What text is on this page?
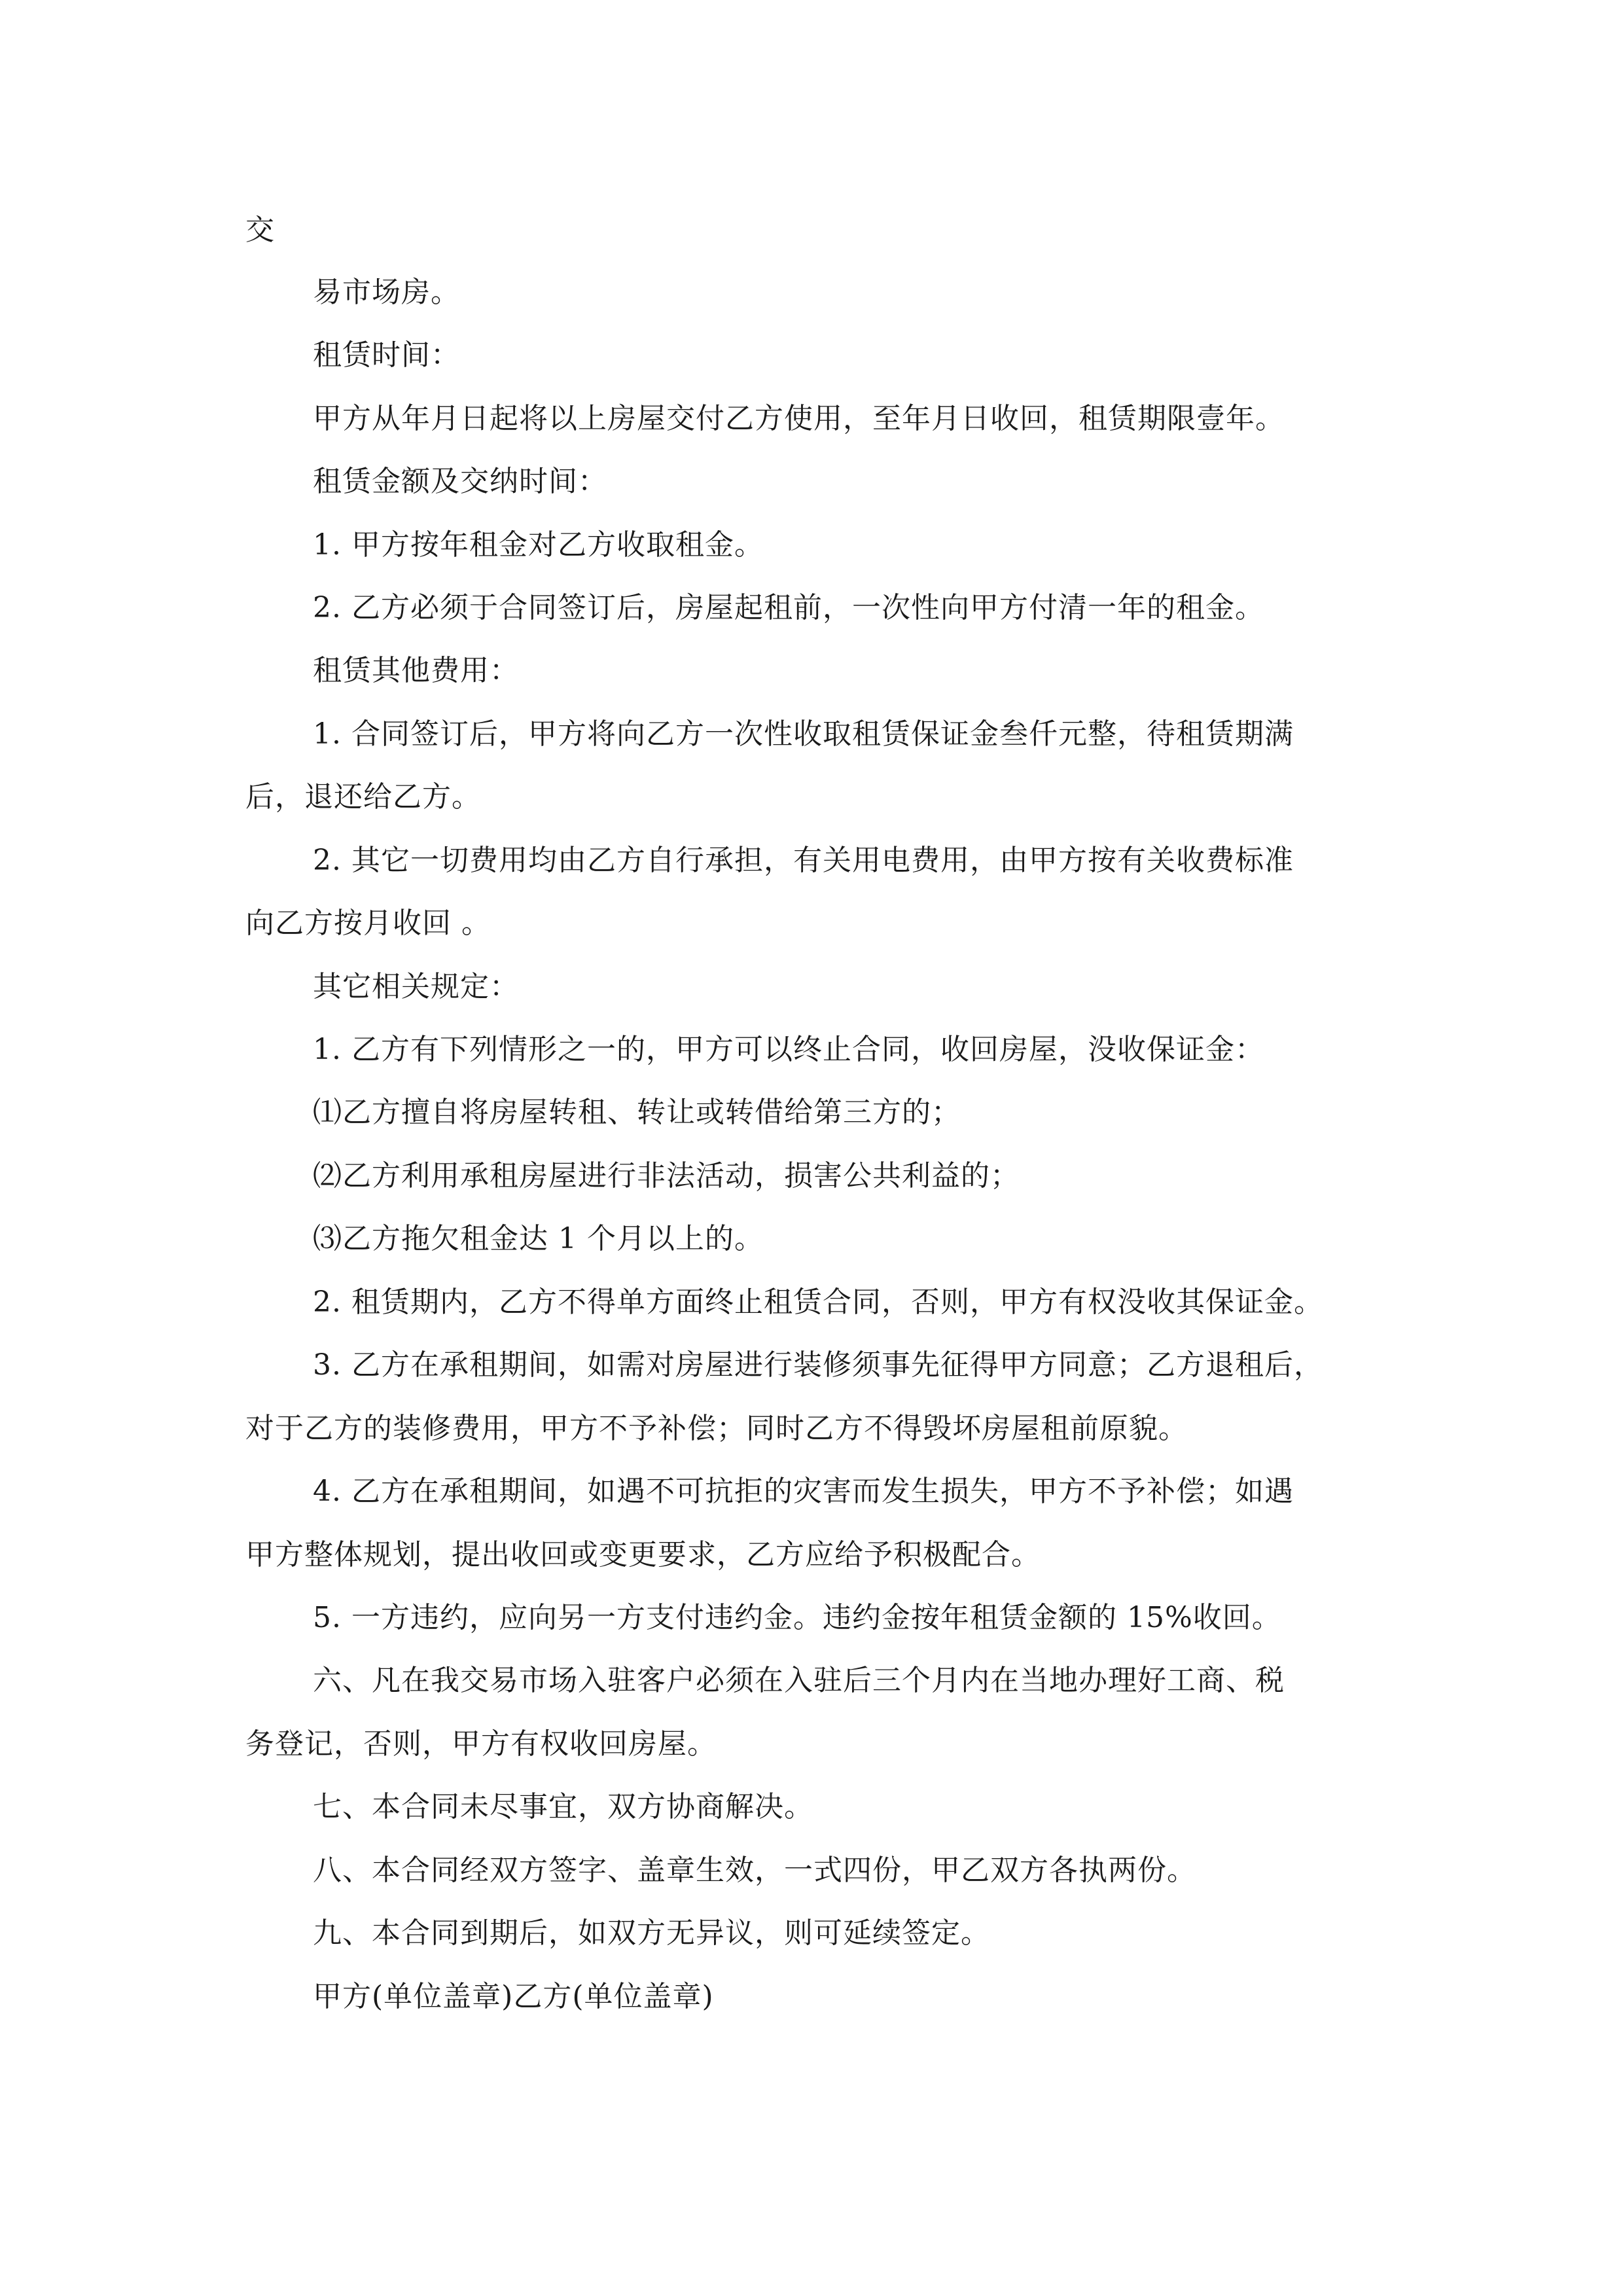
交
易市场房。
租赁时间：
甲方从年月日起将以上房屋交付乙方使用，至年月日收回，租赁期限壹年。
租赁金额及交纳时间：
1. 甲方按年租金对乙方收取租金。
2. 乙方必须于合同签订后，房屋起租前，一次性向甲方付清一年的租金。
租赁其他费用：
1. 合同签订后，甲方将向乙方一次性收取租赁保证金叁仟元整，待租赁期满
后，退还给乙方。
2. 其它一切费用均由乙方自行承担，有关用电费用，由甲方按有关收费标准
向乙方按月收回 。
其它相关规定：
1. 乙方有下列情形之一的，甲方可以终止合同，收回房屋，没收保证金：
⑴乙方擅自将房屋转租、转让或转借给第三方的；
⑵乙方利用承租房屋进行非法活动，损害公共利益的；
⑶乙方拖欠租金达 1 个月以上的。
2. 租赁期内，乙方不得单方面终止租赁合同，否则，甲方有权没收其保证金。
3. 乙方在承租期间，如需对房屋进行装修须事先征得甲方同意；乙方退租后，
对于乙方的装修费用，甲方不予补偿；同时乙方不得毁坏房屋租前原貌。
4. 乙方在承租期间，如遇不可抗拒的灾害而发生损失，甲方不予补偿；如遇
甲方整体规划，提出收回或变更要求，乙方应给予积极配合。
5. 一方违约，应向另一方支付违约金。违约金按年租赁金额的 15%收回。
六、凡在我交易市场入驻客户必须在入驻后三个月内在当地办理好工商、税
务登记，否则，甲方有权收回房屋。
七、本合同未尽事宜，双方协商解决。
八、本合同经双方签字、盖章生效，一式四份，甲乙双方各执两份。
九、本合同到期后，如双方无异议，则可延续签定。
甲方(单位盖章)乙方(单位盖章)
